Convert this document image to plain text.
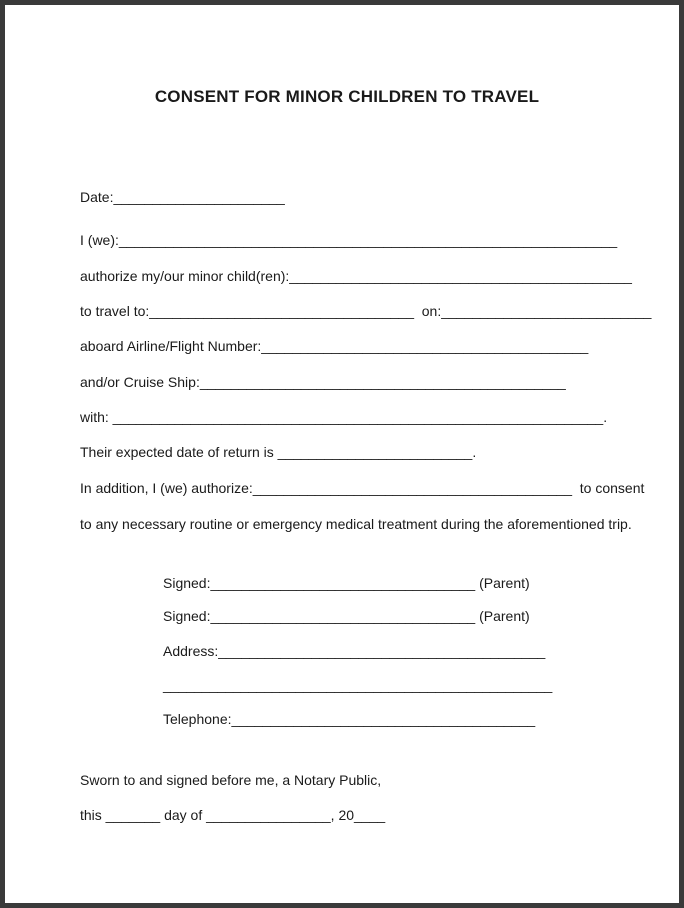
CONSENT FOR MINOR CHILDREN TO TRAVEL
Date:______________________
I (we):________________________________________________________________
authorize my/our minor child(ren):____________________________________________
to travel to:__________________________________  on:___________________________
aboard Airline/Flight Number:__________________________________________
and/or Cruise Ship:_______________________________________________
with: _______________________________________________________________.
Their expected date of return is _________________________.
In addition, I (we) authorize:_________________________________________  to consent
to any necessary routine or emergency medical treatment during the aforementioned trip.
Signed:__________________________________ (Parent)
Signed:__________________________________ (Parent)
Address:__________________________________________
__________________________________________________
Telephone:_______________________________________
Sworn to and signed before me, a Notary Public,
this _______ day of ________________, 20____
